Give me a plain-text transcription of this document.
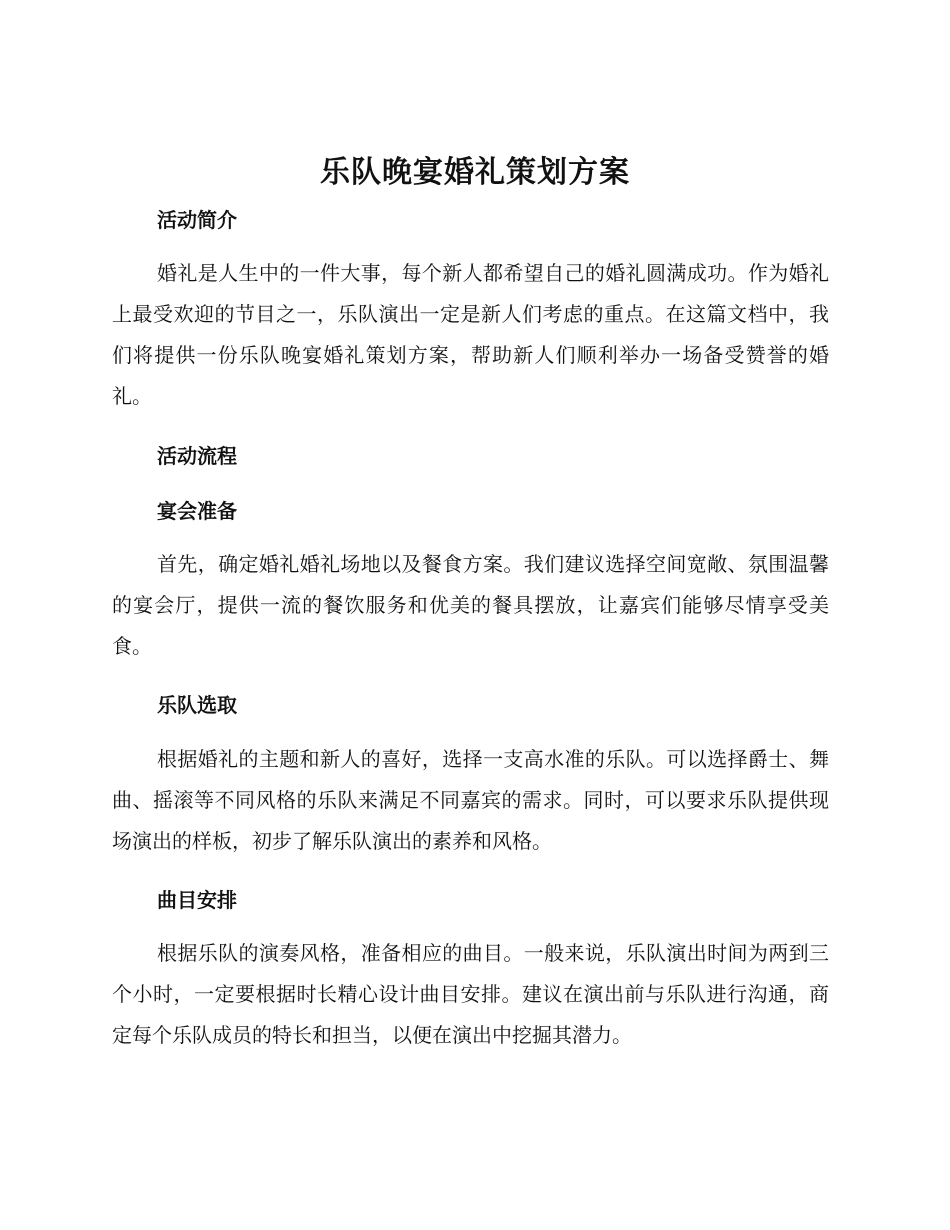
乐队晚宴婚礼策划方案
活动简介

婚礼是人生中的一件大事，每个新人都希望自己的婚礼圆满成功。作为婚礼上最受欢迎的节目之一，乐队演出一定是新人们考虑的重点。在这篇文档中，我们将提供一份乐队晚宴婚礼策划方案，帮助新人们顺利举办一场备受赞誉的婚礼。

活动流程
宴会准备

首先，确定婚礼婚礼场地以及餐食方案。我们建议选择空间宽敞、氛围温馨的宴会厅，提供一流的餐饮服务和优美的餐具摆放，让嘉宾们能够尽情享受美食。

乐队选取

根据婚礼的主题和新人的喜好，选择一支高水准的乐队。可以选择爵士、舞曲、摇滚等不同风格的乐队来满足不同嘉宾的需求。同时，可以要求乐队提供现场演出的样板，初步了解乐队演出的素养和风格。

曲目安排

根据乐队的演奏风格，准备相应的曲目。一般来说，乐队演出时间为两到三个小时，一定要根据时长精心设计曲目安排。建议在演出前与乐队进行沟通，商定每个乐队成员的特长和担当，以便在演出中挖掘其潜力。
